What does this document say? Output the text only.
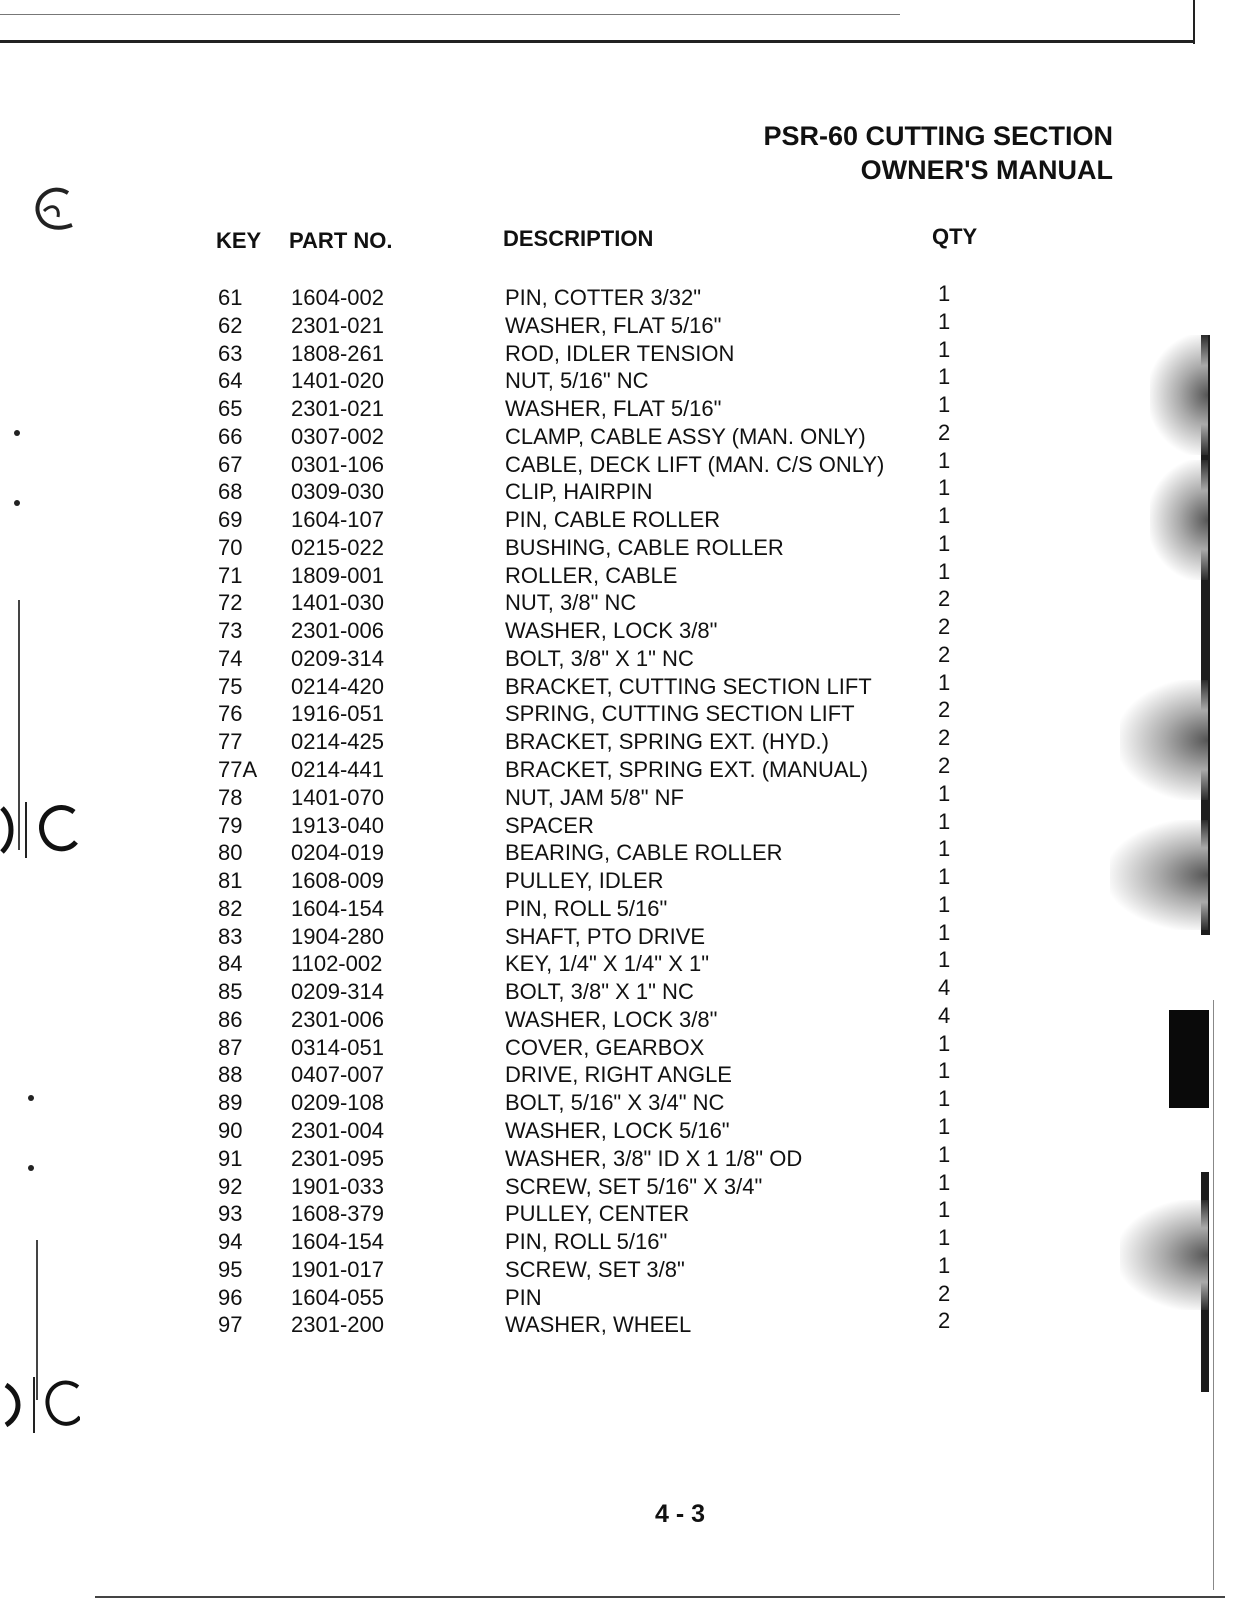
PSR-60 CUTTING SECTION
OWNER'S MANUAL
KEY PART NO.	DESCRIPTION	QTY
61 1604-002	PIN, COTTER 3/32"	1
62 2301-021	WASHER, FLAT 5/16"	1
63 1808-261	ROD, IDLER TENSION	1
64 1401-020	NUT, 5/16" NC	1
65 2301-021	WASHER, FLAT 5/16"	1
66 0307-002	CLAMP, CABLE ASSY (MAN. ONLY)	2
67 0301-106	CABLE, DECK LIFT (MAN. C/S ONLY) 1
68 0309-030	CLIP, HAIRPIN	1
69 1604-107	PIN, CABLE ROLLER	1
70 0215-022	BUSHING, CABLE ROLLER	1
71 1809-001	ROLLER, CABLE	1
72 1401-030	NUT, 3/8" NC	2
73 2301-006	WASHER, LOCK 3/8"	2
74 0209-314	BOLT, 3/8" X 1" NC	2
75 0214-420	BRACKET, CUTTING SECTION LIFT	1
76 1916-051	SPRING, CUTTING SECTION LIFT	2
77 0214-425	BRACKET, SPRING EXT. (HYD.)	2
77A 0214-441	BRACKET, SPRING EXT. (MANUAL)	2
78 1401-070	NUT, JAM 5/8" NF	1
79 1913-040	SPACER	1
80 0204-019	BEARING, CABLE ROLLER	1
81 1608-009	PULLEY, IDLER	1
82 1604-154	PIN, ROLL 5/16"	1
83 1904-280	SHAFT, PTO DRIVE	1
84 1102-002	KEY, 1/4" X 1/4" X 1"	1
85 0209-314	BOLT, 3/8" X 1" NC	4
86 2301-006	WASHER, LOCK 3/8"	4
87 0314-051	COVER, GEARBOX	1
88 0407-007	DRIVE, RIGHT ANGLE	1
89 0209-108	BOLT, 5/16" X 3/4" NC	1
90 2301-004	WASHER, LOCK 5/16"	1
91 2301-095	WASHER, 3/8" ID X 1 1/8" OD	1
92 1901-033	SCREW, SET 5/16" X 3/4"	1
93 1608-379	PULLEY, CENTER	1
94 1604-154	PIN, ROLL 5/16"	1
95 1901-017	SCREW, SET 3/8"	1
96 1604-055	PIN	2
97 2301-200	WASHER, WHEEL	2
4 - 3
